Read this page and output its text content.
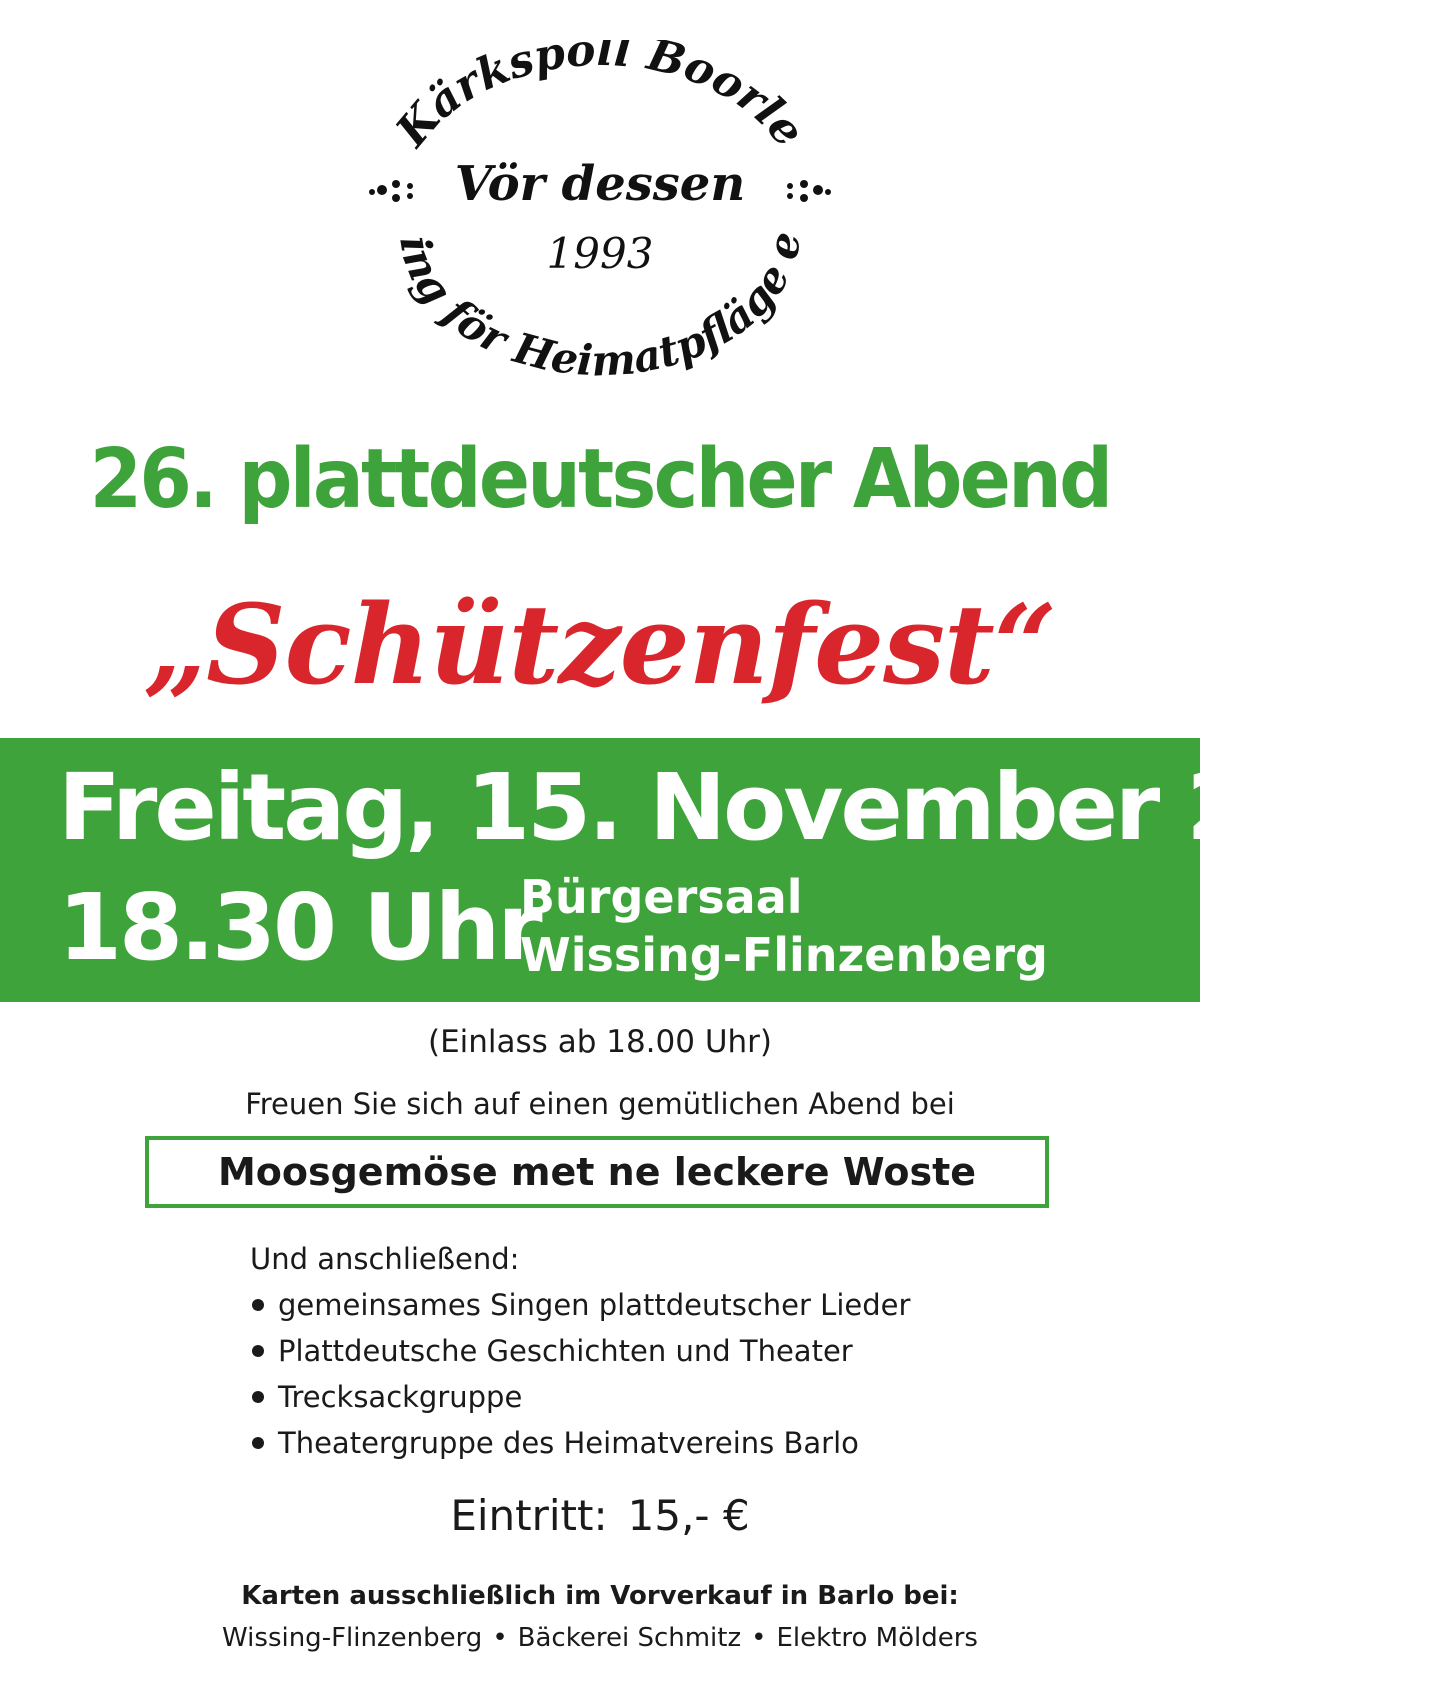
Kärkspöll Boorle
ing för Heimatpfläge e
Vör dessen
1993
26. plattdeutscher Abend
„Schützenfest“
Freitag, 15. November 2019
18.30 Uhr
Bürgersaal
Wissing-Flinzenberg
(Einlass ab 18.00 Uhr)
Freuen Sie sich auf einen gemütlichen Abend bei
Moosgemöse met ne leckere Woste
Und anschließend:
gemeinsames Singen plattdeutscher Lieder
Plattdeutsche Geschichten und Theater
Trecksackgruppe
Theatergruppe des Heimatvereins Barlo
Eintritt: 15,- €
Karten ausschließlich im Vorverkauf in Barlo bei:
Wissing-Flinzenberg • Bäckerei Schmitz • Elektro Mölders
